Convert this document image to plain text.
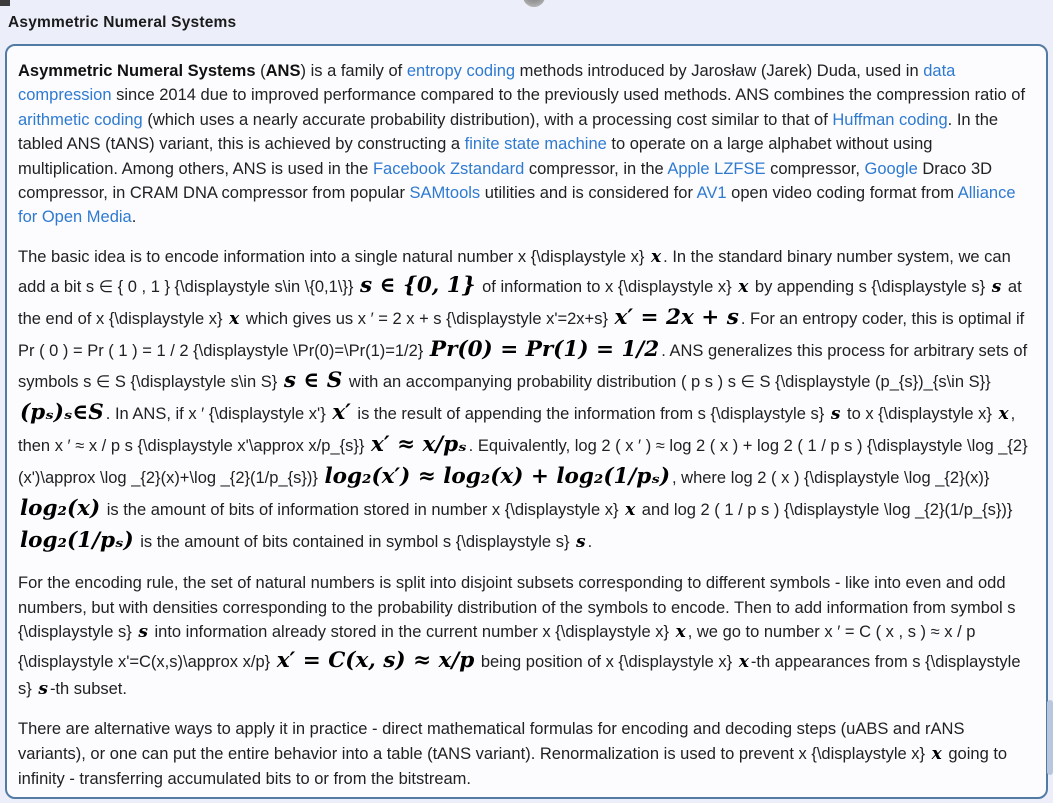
Asymmetric Numeral Systems

Asymmetric Numeral Systems (ANS) is a family of entropy coding methods introduced by Jarosław (Jarek) Duda, used in data compression since 2014 due to improved performance compared to the previously used methods. ANS combines the compression ratio of arithmetic coding (which uses a nearly accurate probability distribution), with a processing cost similar to that of Huffman coding. In the tabled ANS (tANS) variant, this is achieved by constructing a finite state machine to operate on a large alphabet without using multiplication. Among others, ANS is used in the Facebook Zstandard compressor, in the Apple LZFSE compressor, Google Draco 3D compressor, in CRAM DNA compressor from popular SAMtools utilities and is considered for AV1 open video coding format from Alliance for Open Media.

The basic idea is to encode information into a single natural number x {\displaystyle x} x . In the standard binary number system, we can add a bit s ∈ { 0 , 1 } {\displaystyle s\in \{0,1\}} s ∈ {0, 1} of information to x {\displaystyle x} x by appending s {\displaystyle s} s at the end of x {\displaystyle x} x which gives us x ′ = 2 x + s {\displaystyle x'=2x+s} x′ = 2x + s . For an entropy coder, this is optimal if Pr ( 0 ) = Pr ( 1 ) = 1 / 2 {\displaystyle \Pr(0)=\Pr(1)=1/2} Pr(0) = Pr(1) = 1/2 . ANS generalizes this process for arbitrary sets of symbols s ∈ S {\displaystyle s\in S} s ∈ S with an accompanying probability distribution ( p s ) s ∈ S {\displaystyle (p_{s})_{s\in S}} (pₛ)ₛ∈S . In ANS, if x ′ {\displaystyle x'} x′ is the result of appending the information from s {\displaystyle s} s to x {\displaystyle x} x , then x ′ ≈ x / p s {\displaystyle x'\approx x/p_{s}} x′ ≈ x/pₛ . Equivalently, log 2 ( x ′ ) ≈ log 2 ( x ) + log 2 ( 1 / p s ) {\displaystyle \log _{2}(x')\approx \log _{2}(x)+\log _{2}(1/p_{s})} log₂(x′) ≈ log₂(x) + log₂(1/pₛ) , where log 2 ( x ) {\displaystyle \log _{2}(x)} log₂(x) is the amount of bits of information stored in number x {\displaystyle x} x and log 2 ( 1 / p s ) {\displaystyle \log _{2}(1/p_{s})} log₂(1/pₛ) is the amount of bits contained in symbol s {\displaystyle s} s .

For the encoding rule, the set of natural numbers is split into disjoint subsets corresponding to different symbols - like into even and odd numbers, but with densities corresponding to the probability distribution of the symbols to encode. Then to add information from symbol s {\displaystyle s} s into information already stored in the current number x {\displaystyle x} x , we go to number x ′ = C ( x , s ) ≈ x / p {\displaystyle x'=C(x,s)\approx x/p} x′ = C(x, s) ≈ x/p being position of x {\displaystyle x} x -th appearances from s {\displaystyle s} s -th subset.

There are alternative ways to apply it in practice - direct mathematical formulas for encoding and decoding steps (uABS and rANS variants), or one can put the entire behavior into a table (tANS variant). Renormalization is used to prevent x {\displaystyle x} x going to infinity - transferring accumulated bits to or from the bitstream.
